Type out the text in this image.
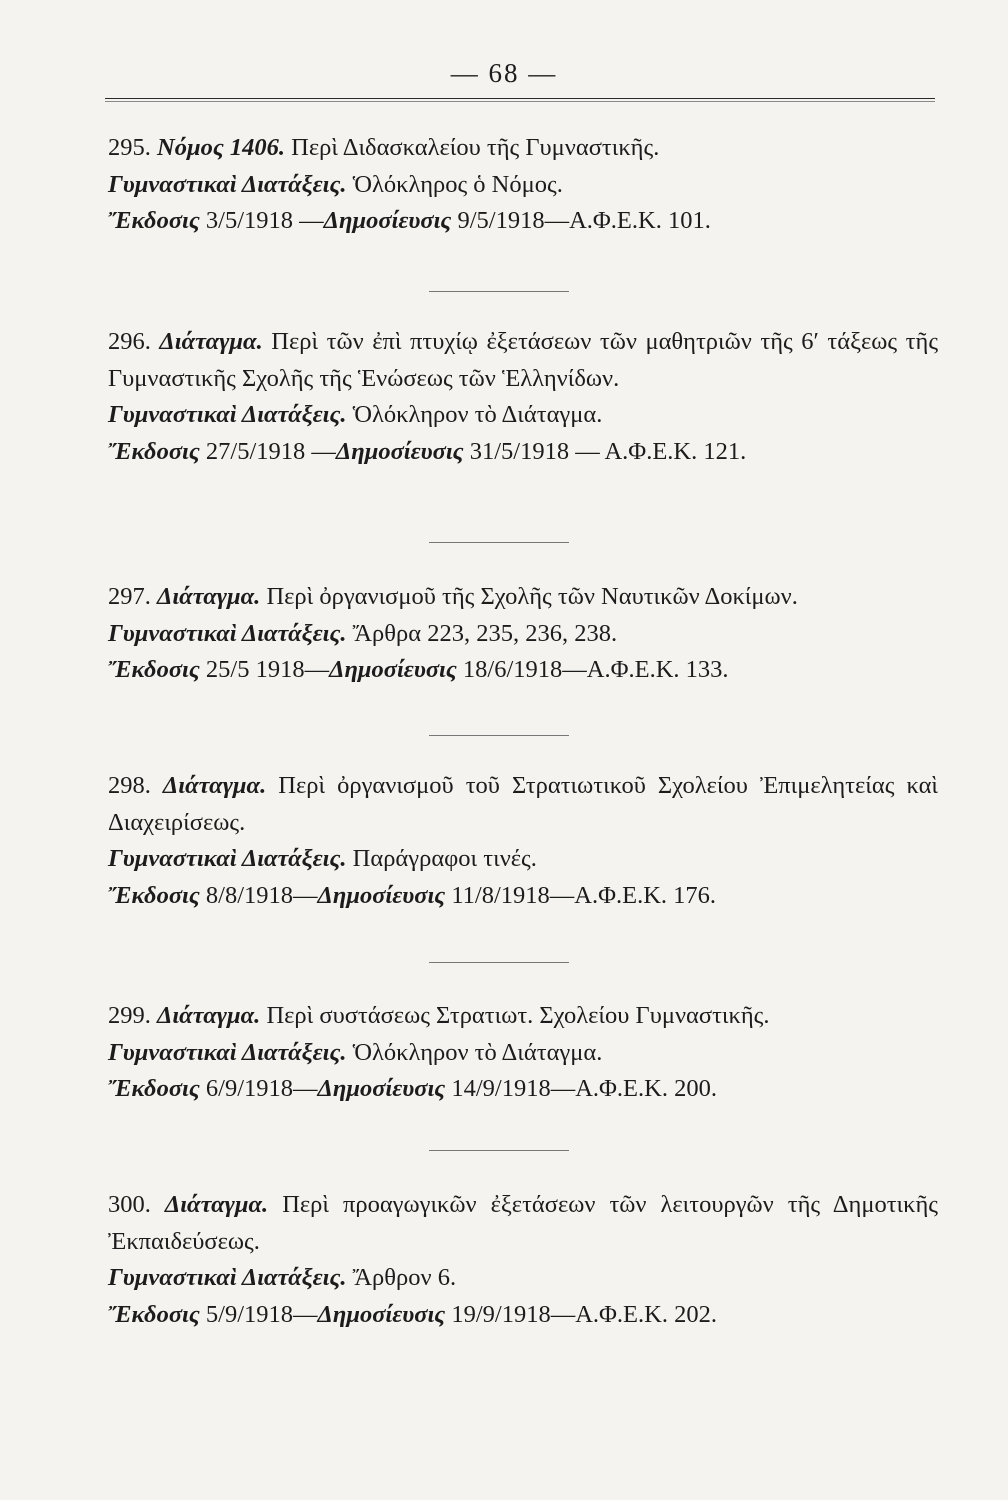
— 68 —

295. Νόμος 1406. Περὶ Διδασκαλείου τῆς Γυμναστικῆς.

Γυμναστικαὶ Διατάξεις. Ὁλόκληρος ὁ Νόμος.

Ἔκδοσις 3/5/1918 —Δημοσίευσις 9/5/1918—Α.Φ.Ε.Κ. 101.

296. Διάταγμα. Περὶ τῶν ἐπὶ πτυχίῳ ἐξετάσεων τῶν μαθητριῶν τῆς 6′ τάξεως τῆς Γυμναστικῆς Σχολῆς τῆς Ἑνώσεως τῶν Ἑλληνίδων.

Γυμναστικαὶ Διατάξεις. Ὁλόκληρον τὸ Διάταγμα.

Ἔκδοσις 27/5/1918 —Δημοσίευσις 31/5/1918 — Α.Φ.Ε.Κ. 121.

297. Διάταγμα. Περὶ ὀργανισμοῦ τῆς Σχολῆς τῶν Ναυτικῶν Δοκίμων.

Γυμναστικαὶ Διατάξεις. Ἄρθρα 223, 235, 236, 238.

Ἔκδοσις 25/5 1918—Δημοσίευσις 18/6/1918—Α.Φ.Ε.Κ. 133.

298. Διάταγμα. Περὶ ὀργανισμοῦ τοῦ Στρατιωτικοῦ Σχολείου Ἐπιμελητείας καὶ Διαχειρίσεως.

Γυμναστικαὶ Διατάξεις. Παράγραφοι τινές.

Ἔκδοσις 8/8/1918—Δημοσίευσις 11/8/1918—Α.Φ.Ε.Κ. 176.

299. Διάταγμα. Περὶ συστάσεως Στρατιωτ. Σχολείου Γυμναστικῆς.

Γυμναστικαὶ Διατάξεις. Ὁλόκληρον τὸ Διάταγμα.

Ἔκδοσις 6/9/1918—Δημοσίευσις 14/9/1918—Α.Φ.Ε.Κ. 200.

300. Διάταγμα. Περὶ προαγωγικῶν ἐξετάσεων τῶν λειτουργῶν τῆς Δημοτικῆς Ἐκπαιδεύσεως.

Γυμναστικαὶ Διατάξεις. Ἄρθρον 6.

Ἔκδοσις 5/9/1918—Δημοσίευσις 19/9/1918—Α.Φ.Ε.Κ. 202.
